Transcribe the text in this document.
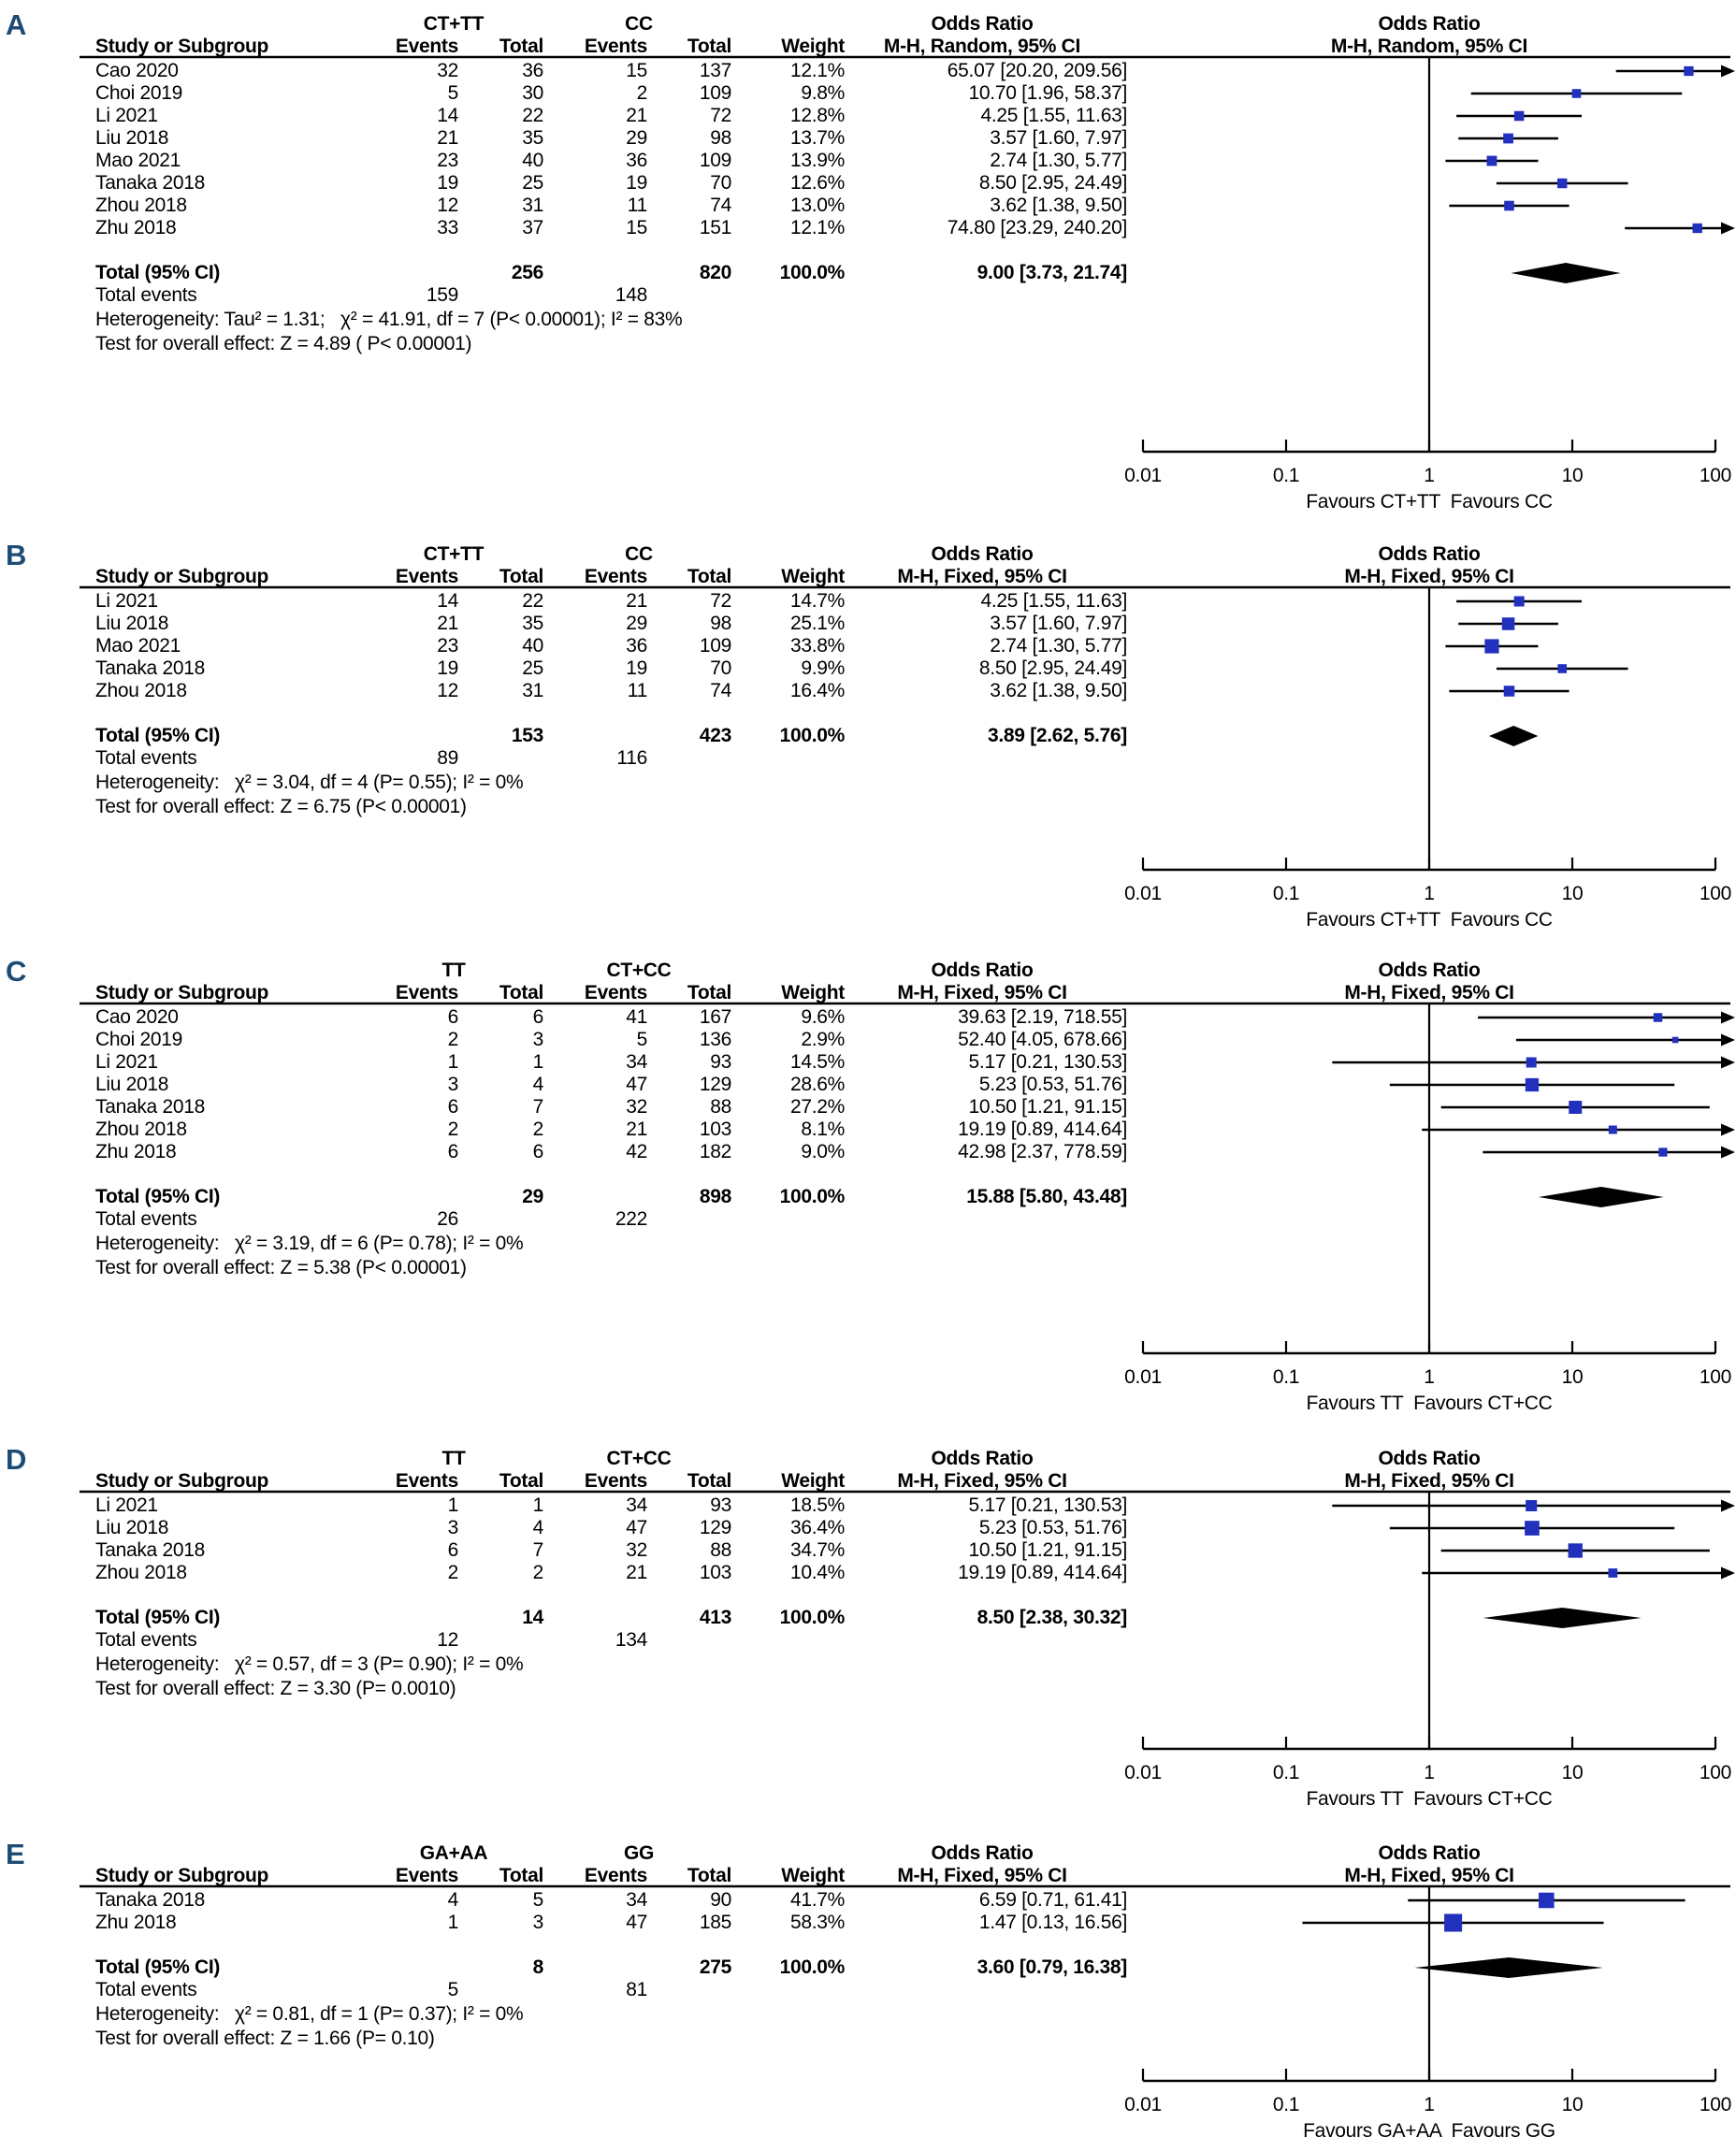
A	CT+TT	CC	Odds Ratio	Odds Ratio
Study or Subgroup	Events	Total	Events	Total	Weight	M-H, Random, 95% CI	M-H, Random, 95% CI
Cao 2020	32	36	15	137	12.1%	65.07 [20.20, 209.56]
Choi 2019	5	30	2	109	9.8%	10.70 [1.96, 58.37]
Li 2021	14	22	21	72	12.8%	4.25 [1.55, 11.63]
Liu 2018	21	35	29	98	13.7%	3.57 [1.60, 7.97]
Mao 2021	23	40	36	109	13.9%	2.74 [1.30, 5.77]
Tanaka 2018	19	25	19	70	12.6%	8.50 [2.95, 24.49]
Zhou 2018	12	31	11	74	13.0%	3.62 [1.38, 9.50]
Zhu 2018	33	37	15	151	12.1%	74.80 [23.29, 240.20]
Total (95% CI)	256	820	100.0%	9.00 [3.73, 21.74]
Total events	159	148
Heterogeneity: Tau² = 1.31;   χ² = 41.91, df = 7 (P< 0.00001); I² = 83%
Test for overall effect: Z = 4.89 ( P< 0.00001)
0.01	0.1	1	10	100
Favours CT+TT  Favours CC
B	CT+TT	CC	Odds Ratio	Odds Ratio
Study or Subgroup	Events	Total	Events	Total	Weight	M-H, Fixed, 95% CI	M-H, Fixed, 95% CI
Li 2021	14	22	21	72	14.7%	4.25 [1.55, 11.63]
Liu 2018	21	35	29	98	25.1%	3.57 [1.60, 7.97]
Mao 2021	23	40	36	109	33.8%	2.74 [1.30, 5.77]
Tanaka 2018	19	25	19	70	9.9%	8.50 [2.95, 24.49]
Zhou 2018	12	31	11	74	16.4%	3.62 [1.38, 9.50]
Total (95% CI)	153	423	100.0%	3.89 [2.62, 5.76]
Total events	89	116
Heterogeneity:   χ² = 3.04, df = 4 (P= 0.55); I² = 0%
Test for overall effect: Z = 6.75 (P< 0.00001)
0.01	0.1	1	10	100
Favours CT+TT  Favours CC
C	TT	CT+CC	Odds Ratio	Odds Ratio
Study or Subgroup	Events	Total	Events	Total	Weight	M-H, Fixed, 95% CI	M-H, Fixed, 95% CI
Cao 2020	6	6	41	167	9.6%	39.63 [2.19, 718.55]
Choi 2019	2	3	5	136	2.9%	52.40 [4.05, 678.66]
Li 2021	1	1	34	93	14.5%	5.17 [0.21, 130.53]
Liu 2018	3	4	47	129	28.6%	5.23 [0.53, 51.76]
Tanaka 2018	6	7	32	88	27.2%	10.50 [1.21, 91.15]
Zhou 2018	2	2	21	103	8.1%	19.19 [0.89, 414.64]
Zhu 2018	6	6	42	182	9.0%	42.98 [2.37, 778.59]
Total (95% CI)	29	898	100.0%	15.88 [5.80, 43.48]
Total events	26	222
Heterogeneity:   χ² = 3.19, df = 6 (P= 0.78); I² = 0%
Test for overall effect: Z = 5.38 (P< 0.00001)
0.01	0.1	1	10	100
Favours TT  Favours CT+CC
D	TT	CT+CC	Odds Ratio	Odds Ratio
Study or Subgroup	Events	Total	Events	Total	Weight	M-H, Fixed, 95% CI	M-H, Fixed, 95% CI
Li 2021	1	1	34	93	18.5%	5.17 [0.21, 130.53]
Liu 2018	3	4	47	129	36.4%	5.23 [0.53, 51.76]
Tanaka 2018	6	7	32	88	34.7%	10.50 [1.21, 91.15]
Zhou 2018	2	2	21	103	10.4%	19.19 [0.89, 414.64]
Total (95% CI)	14	413	100.0%	8.50 [2.38, 30.32]
Total events	12	134
Heterogeneity:   χ² = 0.57, df = 3 (P= 0.90); I² = 0%
Test for overall effect: Z = 3.30 (P= 0.0010)
0.01	0.1	1	10	100
Favours TT  Favours CT+CC
E	GA+AA	GG	Odds Ratio	Odds Ratio
Study or Subgroup	Events	Total	Events	Total	Weight	M-H, Fixed, 95% CI	M-H, Fixed, 95% CI
Tanaka 2018	4	5	34	90	41.7%	6.59 [0.71, 61.41]
Zhu 2018	1	3	47	185	58.3%	1.47 [0.13, 16.56]
Total (95% CI)	8	275	100.0%	3.60 [0.79, 16.38]
Total events	5	81
Heterogeneity:   χ² = 0.81, df = 1 (P= 0.37); I² = 0%
Test for overall effect: Z = 1.66 (P= 0.10)
0.01	0.1	1	10	100
Favours GA+AA  Favours GG
